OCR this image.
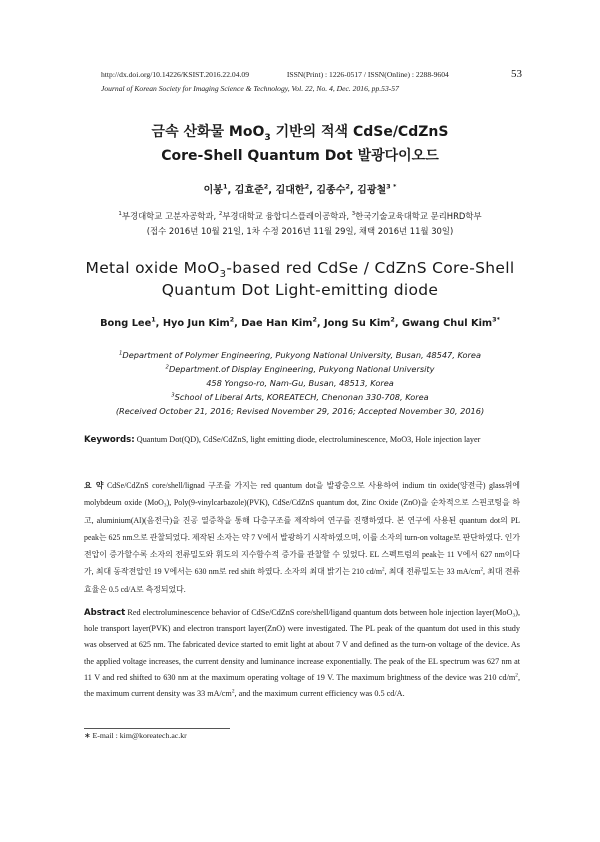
http://dx.doi.org/10.14226/KSIST.2016.22.04.09	ISSN(Print) : 1226-0517 / ISSN(Online) : 2288-9604	53
Journal of Korean Society for Imaging Science & Technology, Vol. 22, No. 4, Dec. 2016, pp.53-57
금속 산화물 MoO$_3$ 기반의 적색 CdSe/CdZnS
Core-Shell Quantum Dot 발광다이오드
이봉$^1$, 김효준$^2$, 김대한$^2$, 김종수$^2$, 김광철$^{3 *}$
$^1$부경대학교 고분자공학과, $^2$부경대학교 융합디스플레이공학과, $^3$한국기술교육대학교 문리HRD학부
(접수 2016년 10월 21일, 1차 수정 2016년 11월 29일, 채택 2016년 11월 30일)
Metal oxide MoO$_3$-based red CdSe / CdZnS Core-Shell
Quantum Dot Light-emitting diode
Bong Lee$^1$, Hyo Jun Kim$^2$, Dae Han Kim$^2$, Jong Su Kim$^2$, Gwang Chul Kim$^{3*}$
$^1$Department of Polymer Engineering, Pukyong National University, Busan, 48547, Korea
$^2$Department.of Display Engineering, Pukyong National University
458 Yongso-ro, Nam-Gu, Busan, 48513, Korea
$^3$School of Liberal Arts, KOREATECH, Chenonan 330-708, Korea
(Received October 21, 2016; Revised November 29, 2016; Accepted November 30, 2016)
Keywords: Quantum Dot(QD), CdSe/CdZnS, light emitting diode, electroluminescence, MoO3, Hole injection layer
요 약 CdSe/CdZnS core/shell/lignad 구조를 가지는 red quantum dot을 발광층으로 사용하여 indium tin oxide(양전극) glass위에 molybdeum oxide (MoO₃), Poly(9-vinylcarbazole)(PVK), CdSe/CdZnS quantum dot, Zinc Oxide (ZnO)을 순차적으로 스핀코팅을 하고, aluminium(Al)(음전극)을 진공 열증착을 통해 다층구조를 제작하여 연구를 진행하였다. 본 연구에 사용된 quantum dot의 PL peak는 625 nm으로 관찰되었다. 제작된 소자는 약 7 V에서 발광하기 시작하였으며, 이를 소자의 turn-on voltage로 판단하였다. 인가전압이 증가할수록 소자의 전류밀도와 휘도의 지수함수적 증가를 관찰할 수 있었다. EL 스펙트럼의 peak는 11 V에서 627 nm이다가, 최대 동작전압인 19 V에서는 630 nm로 red shift 하였다. 소자의 최대 밝기는 210 $cd/m^2$, 최대 전류밀도는 33 $mA/cm^2$, 최대 전류효율은 0.5 cd/A로 측정되었다.
Abstract Red electroluminescence behavior of CdSe/CdZnS core/shell/ligand quantum dots between hole injection layer(MoO₃), hole transport layer(PVK) and electron transport layer(ZnO) were investigated. The PL peak of the quantum dot used in this study was observed at 625 nm. The fabricated device started to emit light at about 7 V and defined as the turn-on voltage of the device. As the applied voltage increases, the current density and luminance increase exponentially. The peak of the EL spectrum was 627 nm at 11 V and red shifted to 630 nm at the maximum operating voltage of 19 V. The maximum brightness of the device was 210 $cd/m^2$, the maximum current density was 33 $mA/cm^2$, and the maximum current efficiency was 0.5 cd/A.
∗ E-mail : kim@koreatech.ac.kr
